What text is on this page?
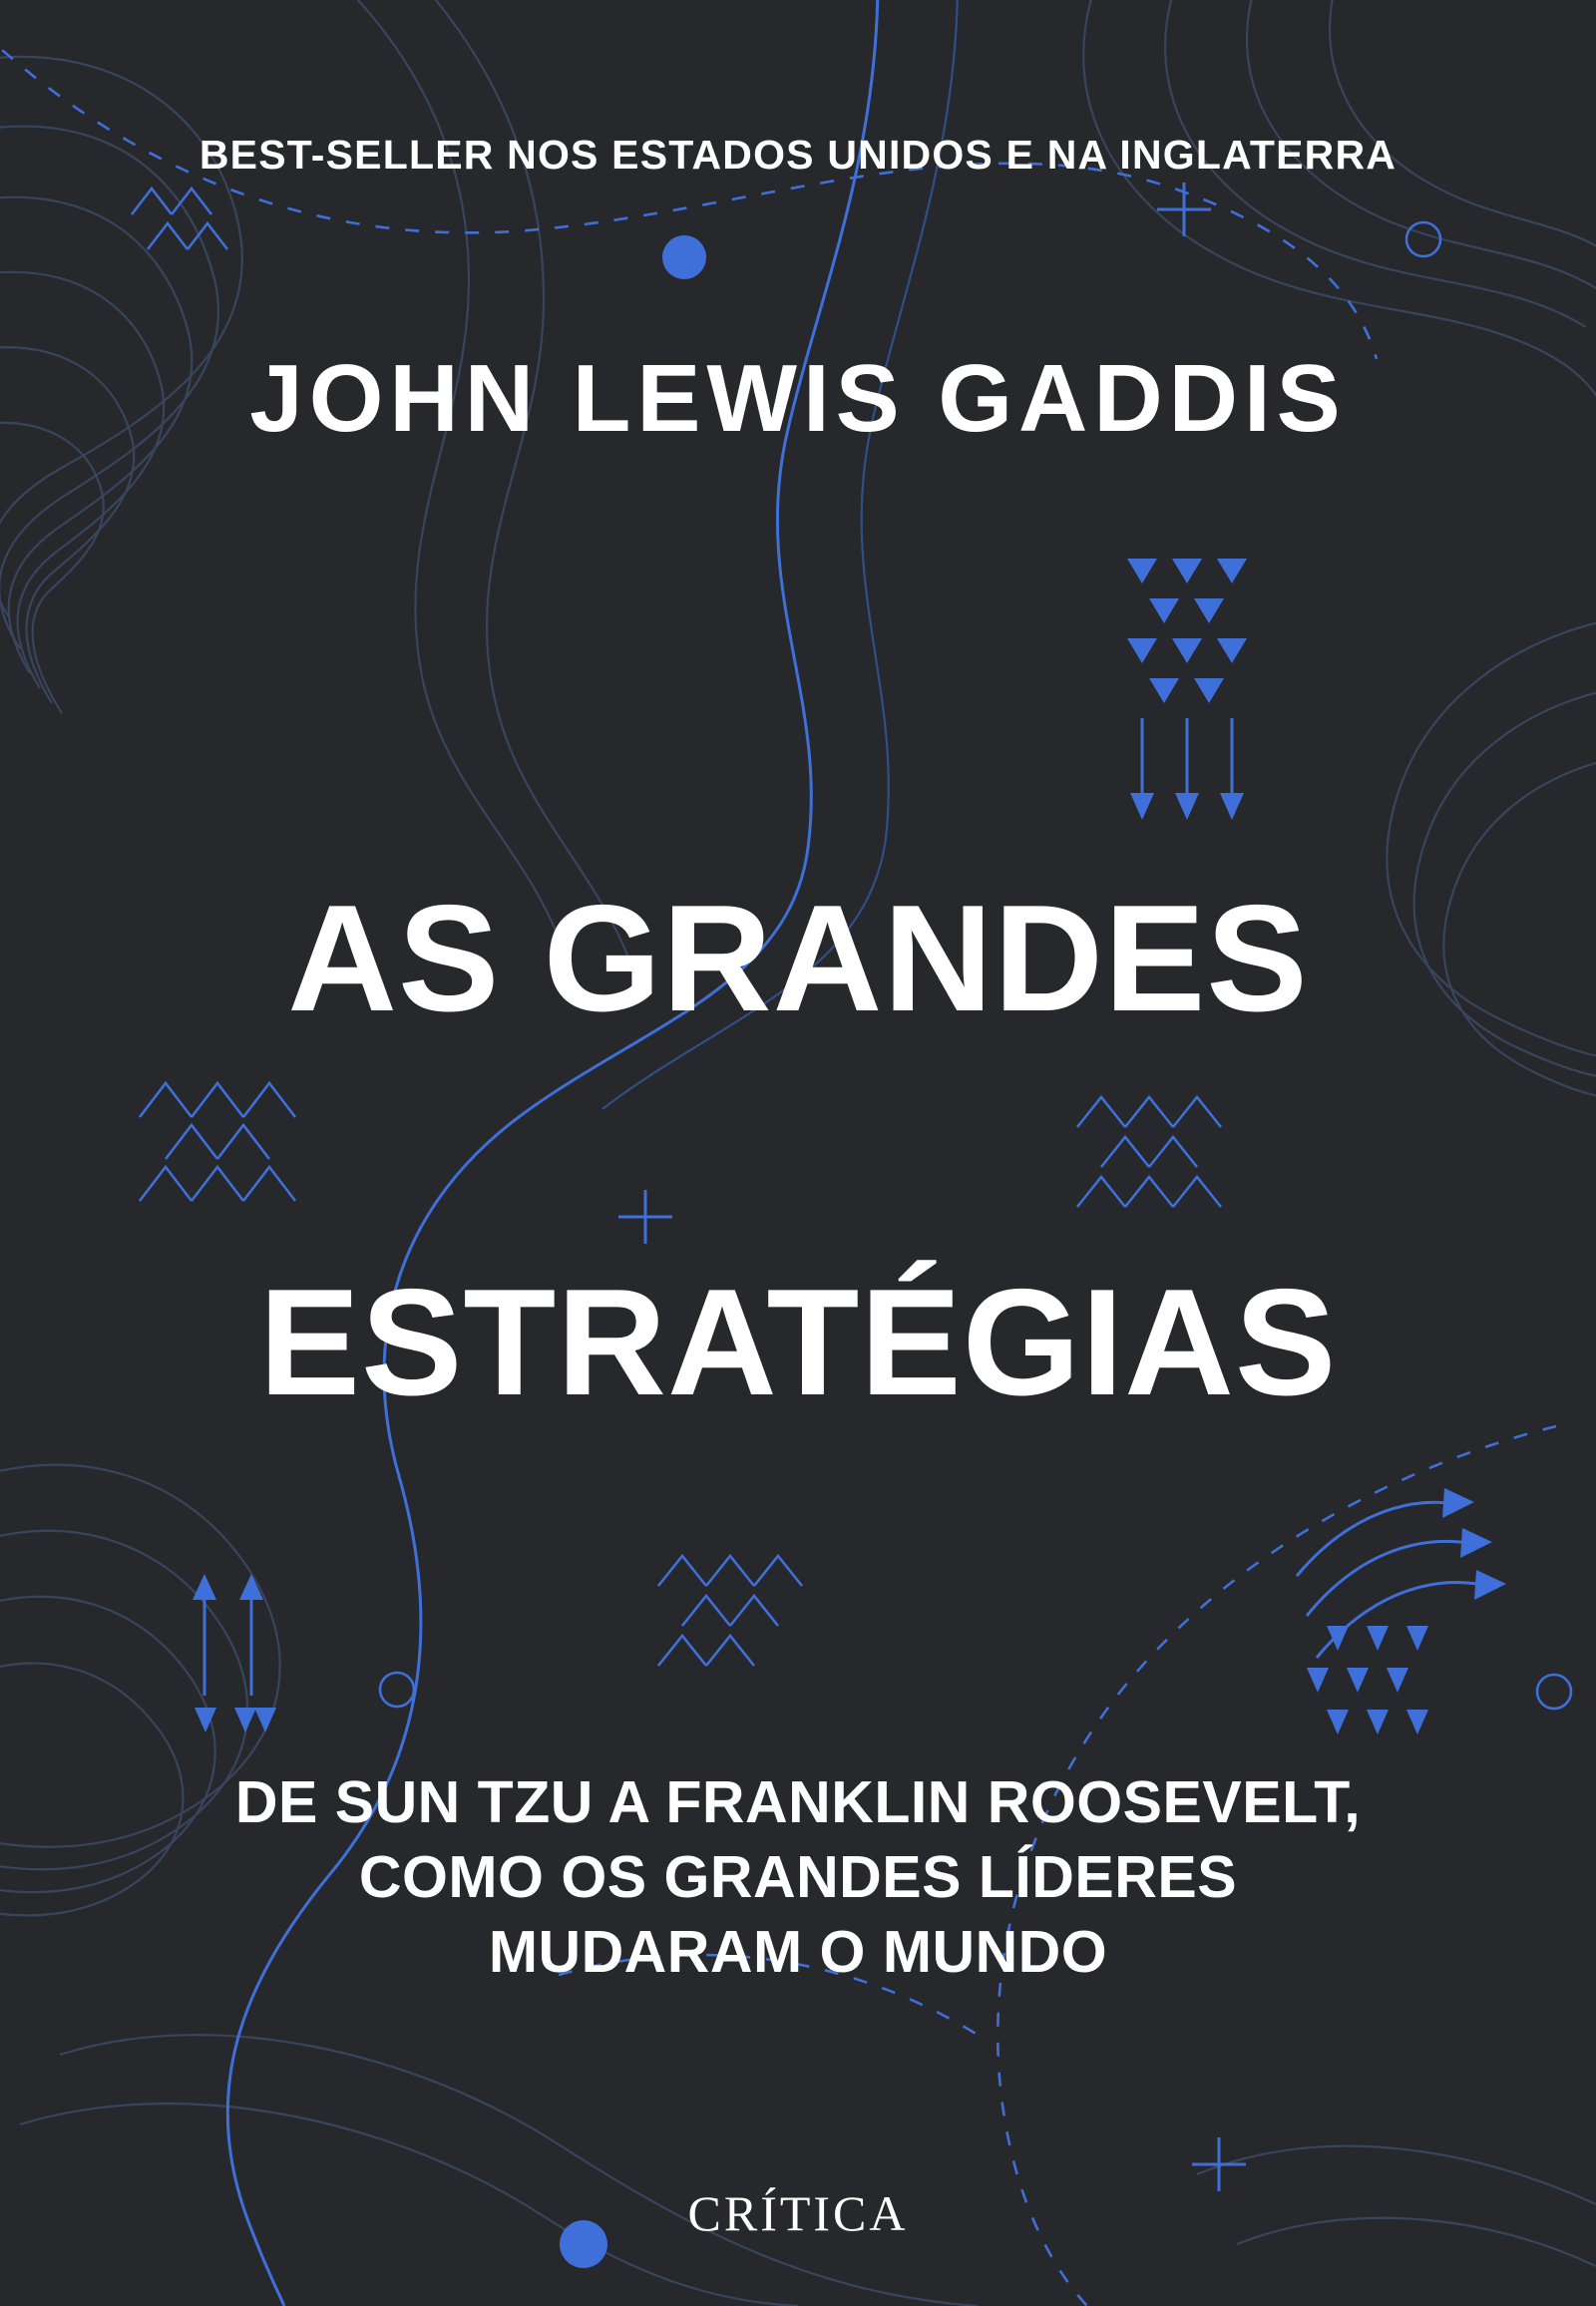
BEST-SELLER NOS ESTADOS UNIDOS E NA INGLATERRA
JOHN LEWIS GADDIS
AS GRANDES
ESTRATÉGIAS
DE SUN TZU A FRANKLIN ROOSEVELT,
COMO OS GRANDES LÍDERES
MUDARAM O MUNDO
CRÍTICA
